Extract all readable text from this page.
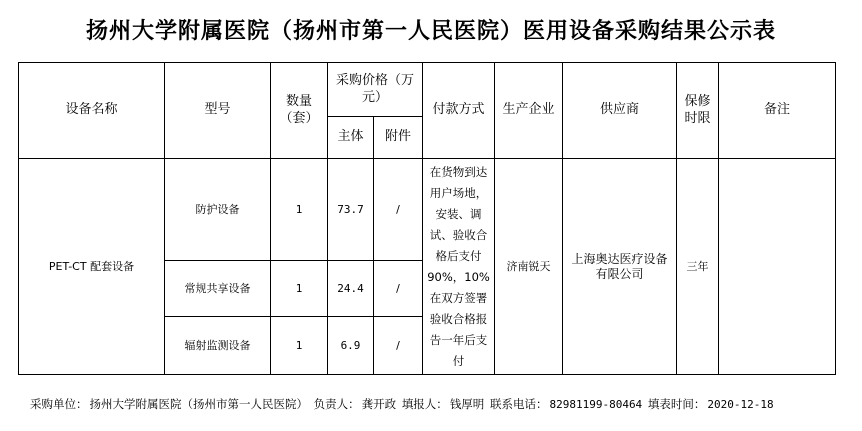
扬州大学附属医院（扬州市第一人民医院）医用设备采购结果公示表
设备名称	型号	数量（套）	采购价格（万元）		付款方式	生产企业	供应商	保修时限	备注
			主体	附件					
PET-CT 配套设备	防护设备	1	73.7	/	在货物到达用户场地，安装、调试、验收合格后支付 90%，10%在双方签署验收合格报告一年后支付	济南锐天	上海奥达医疗设备有限公司	三年	
	常规共享设备	1	24.4	/					
	辐射监测设备	1	6.9	/					
采购单位： 扬州大学附属医院（扬州市第一人民医院） 负责人： 龚开政 填报人： 钱厚明 联系电话： 82981199-80464 填表时间： 2020-12-18
